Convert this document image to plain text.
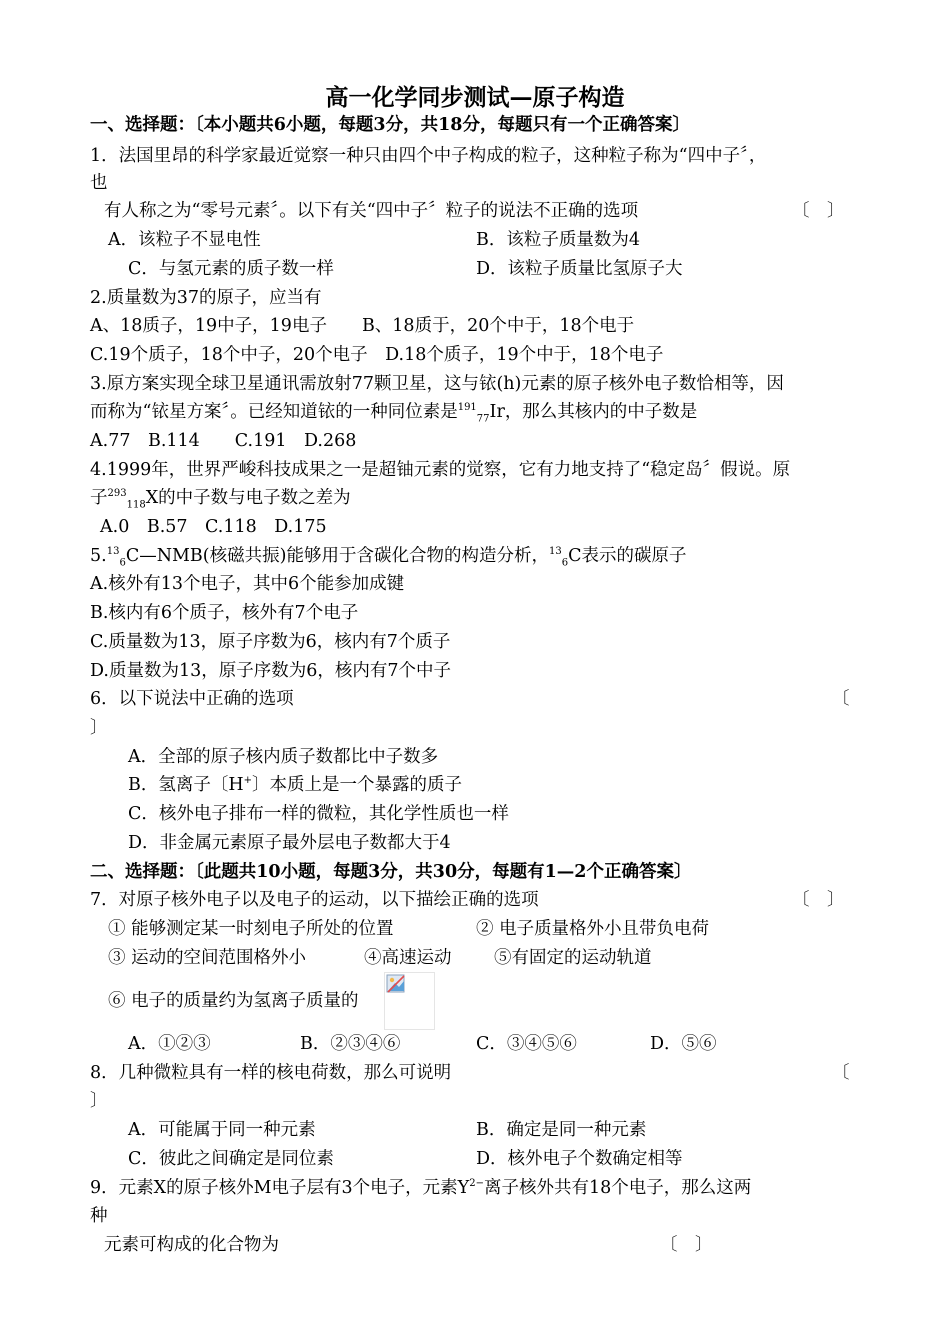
高一化学同步测试—原子构造
一、选择题：〔本小题共6小题，每题3分，共18分，每题只有一个正确答案〕
1．法国里昂的科学家最近觉察一种只由四个中子构成的粒子，这种粒子称为“四中子〞，
也
有人称之为“零号元素〞。以下有关“四中子〞粒子的说法不正确的选项	〔　〕
A．该粒子不显电性	B．该粒子质量数为4
C．与氢元素的质子数一样	D．该粒子质量比氢原子大
2.质量数为37的原子，应当有
A、18质子，19中子，19电子　　B、18质于，20个中于，18个电于
C.19个质子，18个中子，20个电子　D.18个质子，19个中于，18个电子
3.原方案实现全球卫星通讯需放射77颗卫星，这与铱(h)元素的原子核外电子数恰相等，因
而称为“铱星方案〞。已经知道铱的一种同位素是$^{191}_{77}$Ir，那么其核内的中子数是
A.77　B.114　　C.191　D.268
4.1999年，世界严峻科技成果之一是超铀元素的觉察，它有力地支持了“稳定岛〞假说。原
子$^{293}_{118}$X的中子数与电子数之差为
A.0　B.57　C.118　D.175
$5.13_6C—NMB$(核磁共振)能够用于含碳化合物的构造分析，$^{13}_6$C表示的碳原子
A.核外有13个电子，其中6个能参加成键
B.核内有6个质子，核外有7个电子
C.质量数为13，原子序数为6，核内有7个质子
D.质量数为13，原子序数为6，核内有7个中子
6．以下说法中正确的选项	〔
〕
A．全部的原子核内质子数都比中子数多
B．氢离子〔H+〕本质上是一个暴露的质子
C．核外电子排布一样的微粒，其化学性质也一样
D．非金属元素原子最外层电子数都大于4
二、选择题：〔此题共10小题，每题3分，共30分，每题有1—2个正确答案〕
7．对原子核外电子以及电子的运动，以下描绘正确的选项	〔　〕
① 能够测定某一时刻电子所处的位置	② 电子质量格外小且带负电荷
③ 运动的空间范围格外小	④高速运动 ⑤有固定的运动轨道
⑥ 电子的质量约为氢离子质量的
A．①②③	B．②③④⑥	C．③④⑤⑥	D．⑤⑥
8．几种微粒具有一样的核电荷数，那么可说明	〔
〕
A．可能属于同一种元素	B．确定是同一种元素
C．彼此之间确定是同位素	D．核外电子个数确定相等
9．元素X的原子核外M电子层有3个电子，元素$Y^{2-}$离子核外共有18个电子，那么这两
种
元素可构成的化合物为	〔　〕
